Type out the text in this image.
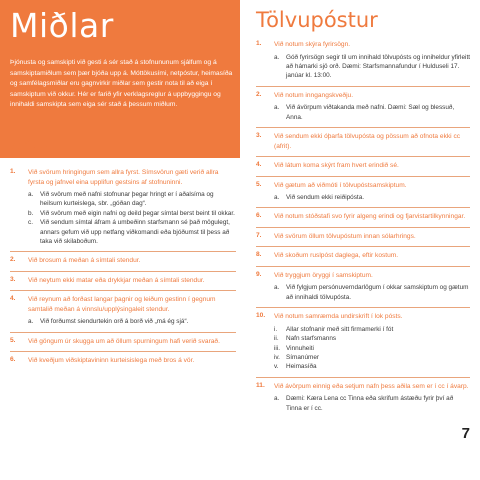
Miðlar

Þjónusta og samskipti við gesti á sér stað á stofnununum sjálfum og á samskiptamiðlum sem þær bjóða upp á. Móttökusími, netpóstur, heimasíða og samfélagsmiðlar eru gagnvirkir miðlar sem gestir nota til að eiga í samskiptum við okkur. Hér er farið yfir verklagsreglur á uppbyggingu og innihaldi samskipta sem eiga sér stað á þessum miðlum.

Sími
1. Við svörum hringingum sem allra fyrst. Símsvörun gæti verið allra fyrsta og jafnvel eina upplifun gestsins af stofnuninni.
a. Við svörum með nafni stofnunar þegar hringt er í aðalsíma og heilsum kurteislega, sbr. „góðan dag“.
b. Við svörum með eigin nafni og deild þegar símtal berst beint til okkar.
c. Við sendum símtal áfram á umbeðinn starfsmann sé það mögulegt, annars gefum við upp netfang viðkomandi eða bjóðumst til þess að taka við skilaboðum.
2. Við brosum á meðan á símtali stendur.
3. Við neytum ekki matar eða drykkjar meðan á símtali stendur.
4. Við reynum að forðast langar þagnir og leiðum gestinn í gegnum samtalið meðan á vinnslu/upplýsingaleit stendur.
a. Við forðumst siendurtekin orð á borð við „má ég sjá“.
5. Við göngum úr skugga um að öllum spurningum hafi verið svarað.
6. Við kveðjum viðskiptavininn kurteisislega með bros á vör.
Tölvupóstur
1. Við notum skýra fyrirsögn.
a. Góð fyrirsögn segir til um innihald tölvupósts og inniheldur yfirleitt að hámarki sjö orð. Dæmi: Starfsmannafundur í Hulduseli 17. janúar kl. 13:00.
2. Við notum inngangskveðju.
a. Við ávörpum viðtakanda með nafni. Dæmi: Sæl og blessuð, Anna.
3. Við sendum ekki óþarfa tölvupósta og pössum að ofnota ekki cc (afrit).
4. Við látum koma skýrt fram hvert erindið sé.
5. Við gætum að viðmóti í tölvupóstsamskiptum.
a. Við sendum ekki reiðipósta.
6. Við notum stóðstafi svo fyrir algeng erindi og fjarvistartilkynningar.
7. Við svörum öllum tölvupóstum innan sólarhrings.
8. Við skoðum ruslpóst daglega, eftir kostum.
9. Við tryggjum öryggi í samskiptum.
a. Við fylgjum persónuverndarlögum í okkar samskiptum og gætum að innihaldi tölvupósta.
10. Við notum samræmda undirskrift í lok pósts.
i. Allar stofnanir með sitt firmamerki í fót
ii. Nafn starfsmanns
iii. Vinnuheiti
iv. Símanúmer
v. Heimasíða
11. Við ávörpum einnig eða setjum nafn þess aðila sem er í cc í ávarp.
a. Dæmi: Kæra Lena cc Tinna eða skrifum ástæðu fyrir því að Tinna er í cc.

7
